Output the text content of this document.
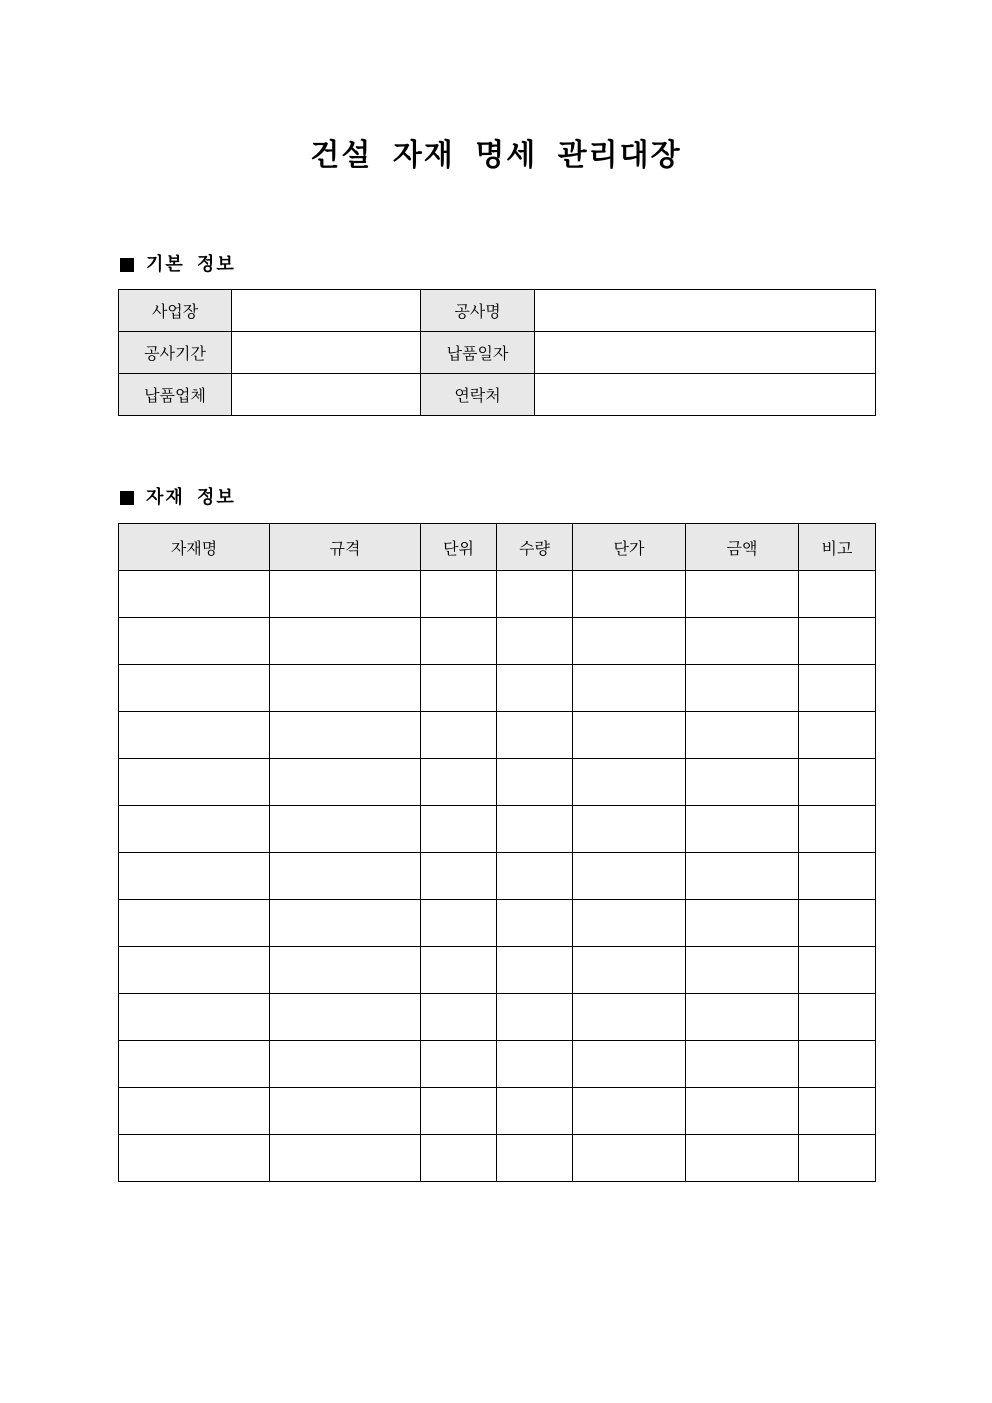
건설 자재 명세 관리대장
기본 정보
사업장		공사명	
공사기간		납품일자	
납품업체		연락처	
자재 정보
자재명	규격	단위	수량	단가	금액	비고
